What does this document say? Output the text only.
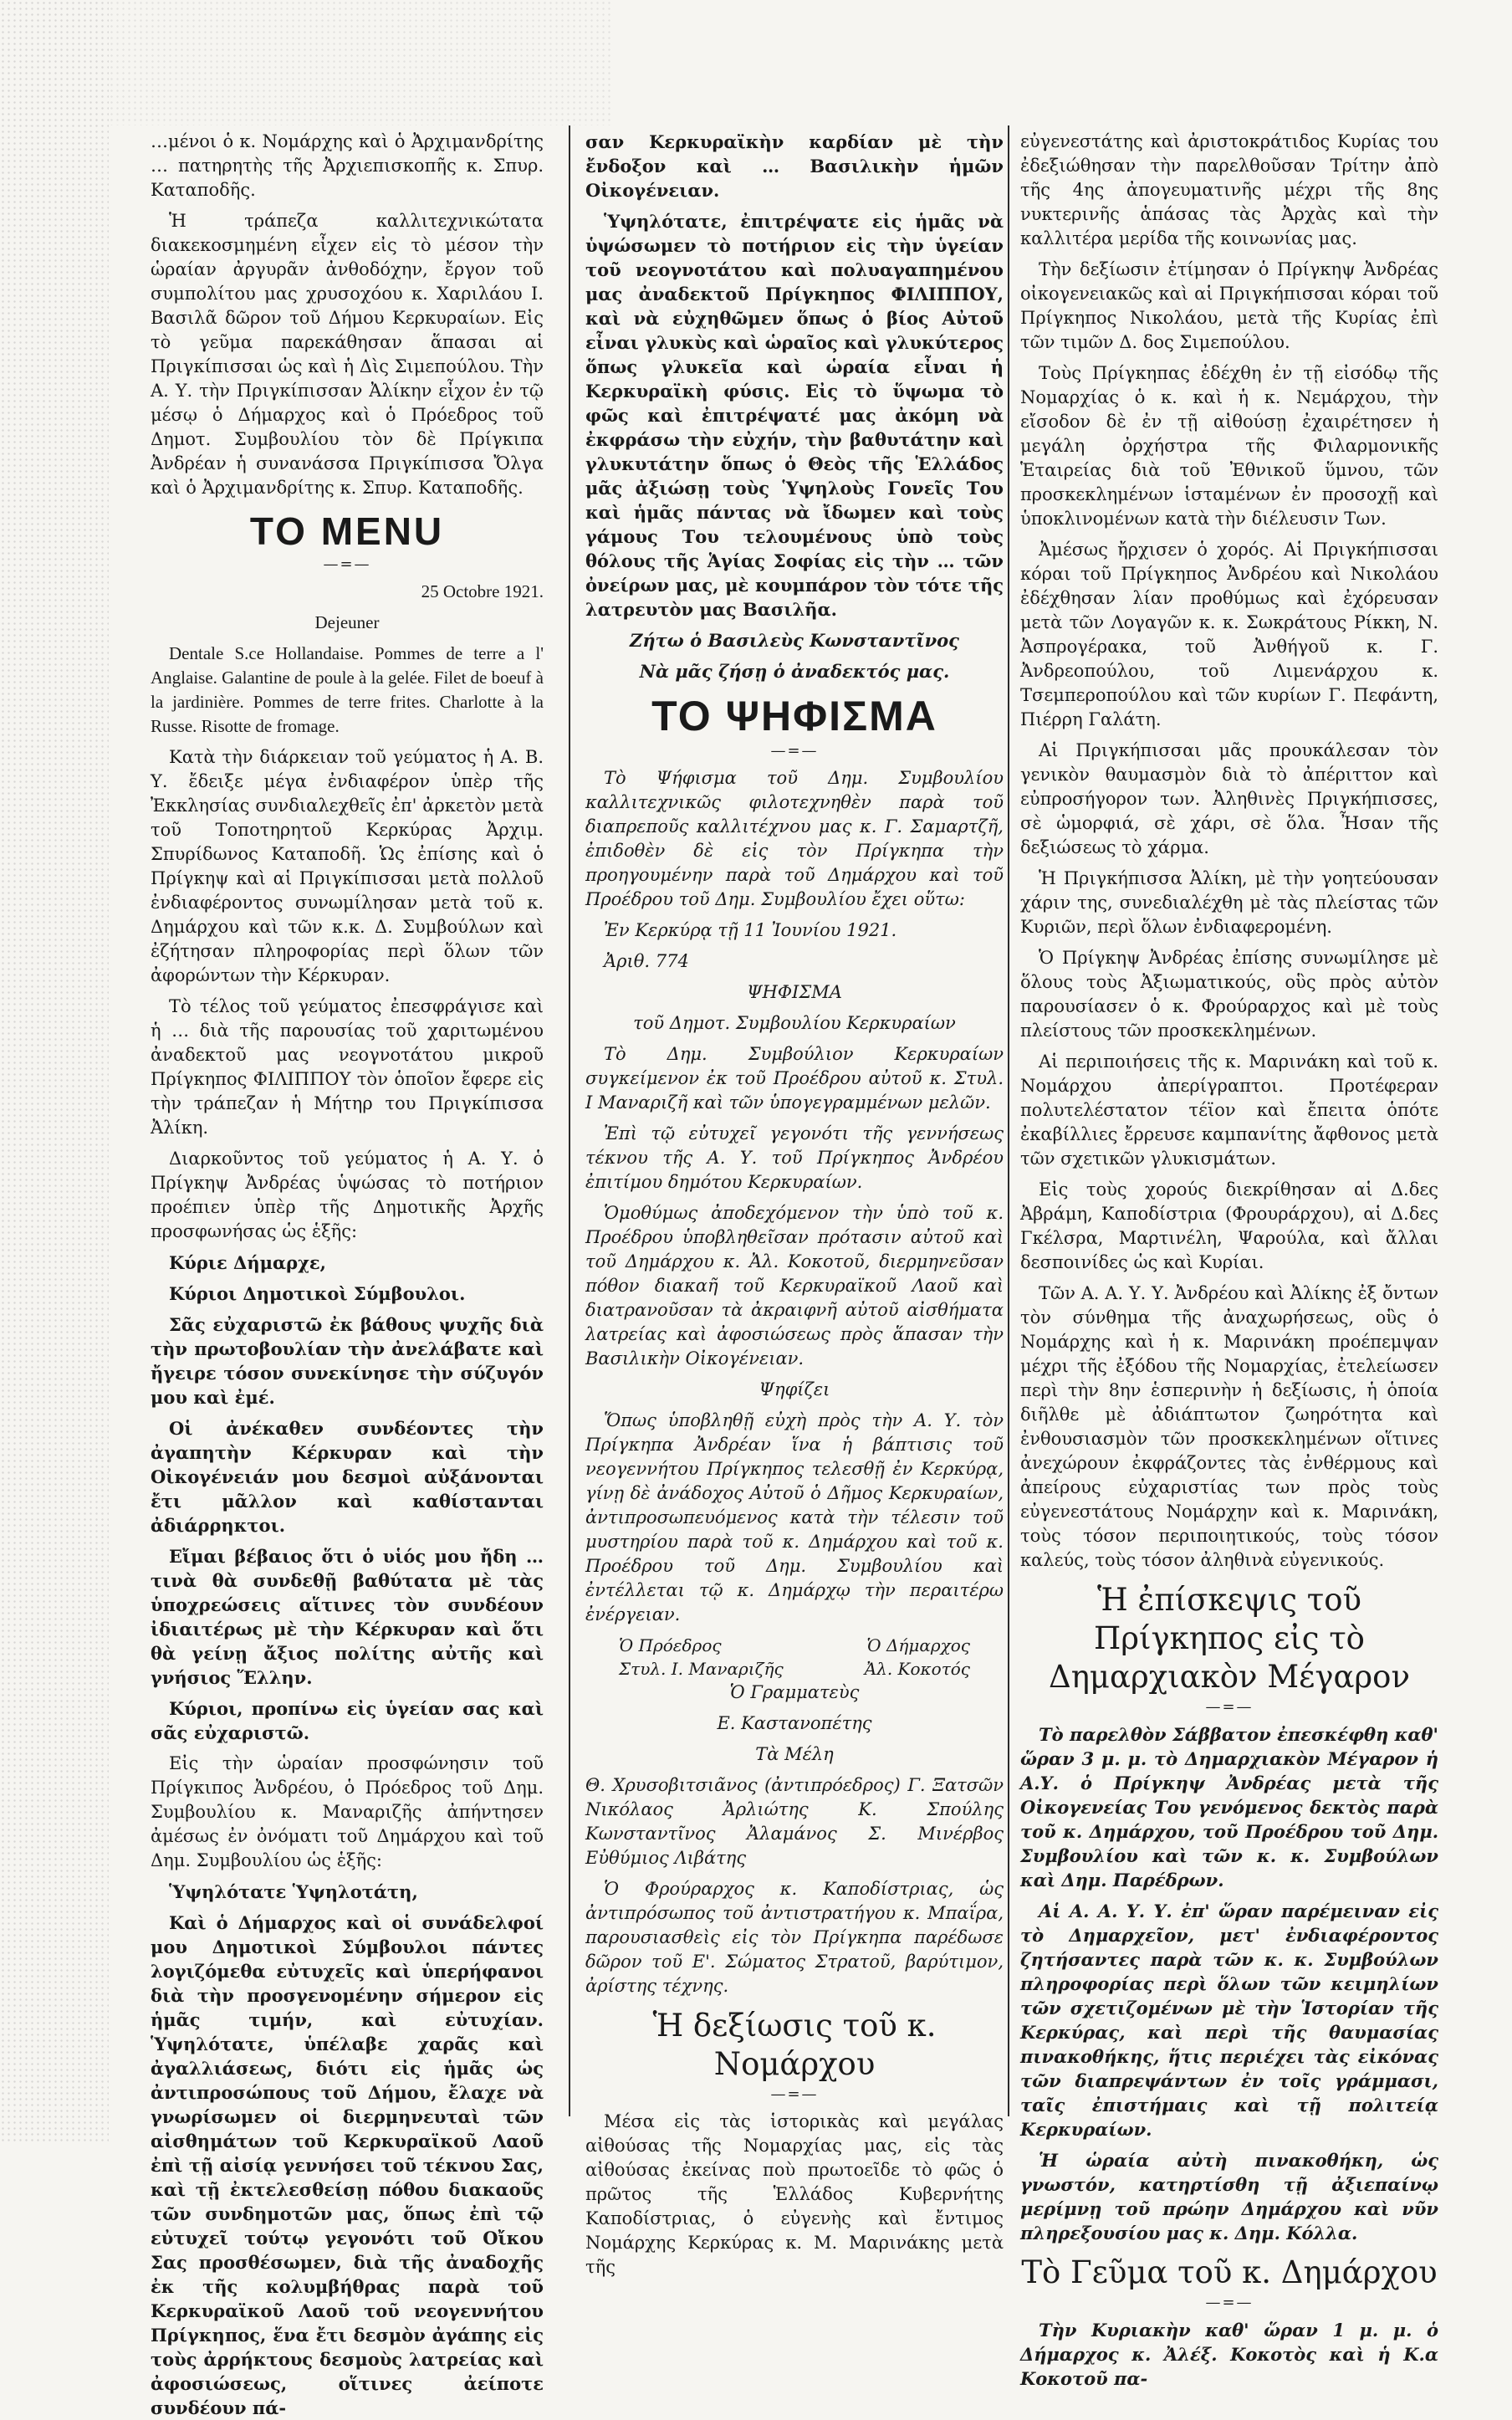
…μένοι ὁ κ. Νομάρχης καὶ ὁ Ἀρχιμανδρίτης … πατηρητὴς τῆς Ἀρχιεπισκοπῆς κ. Σπυρ. Καταποδῆς.

Ἡ τράπεζα καλλιτεχνικώτατα διακεκοσμημένη εἶχεν εἰς τὸ μέσον τὴν ὡραίαν ἀργυρᾶν ἀνθοδόχην, ἔργον τοῦ συμπολίτου μας χρυσοχόου κ. Χαριλάου Ι. Βασιλᾶ δῶρον τοῦ Δήμου Κερκυραίων. Εἰς τὸ γεῦμα παρεκάθησαν ἅπασαι αἱ Πριγκίπισσαι ὡς καὶ ἡ Δὶς Σιμεπούλου. Τὴν Α. Υ. τὴν Πριγκίπισσαν Ἀλίκην εἶχον ἐν τῷ μέσῳ ὁ Δήμαρχος καὶ ὁ Πρόεδρος τοῦ Δημοτ. Συμβουλίου τὸν δὲ Πρίγκιπα Ἀνδρέαν ἡ συνανάσσα Πριγκίπισσα Ὄλγα καὶ ὁ Ἀρχιμανδρίτης κ. Σπυρ. Καταποδῆς.

TO MENU
—=—

25 Octobre 1921.

Dejeuner

Dentale S.ce Hollandaise. Pommes de terre a l' Anglaise. Galantine de poule à la gelée. Filet de boeuf à la jardinière. Pommes de terre frites. Charlotte à la Russe. Risotte de fromage.

Κατὰ τὴν διάρκειαν τοῦ γεύματος ἡ Α. Β. Υ. ἔδειξε μέγα ἐνδιαφέρον ὑπὲρ τῆς Ἐκκλησίας συνδιαλεχθεῖς ἐπ' ἀρκετὸν μετὰ τοῦ Τοποτηρητοῦ Κερκύρας Ἀρχιμ. Σπυρίδωνος Καταποδῆ. Ὡς ἐπίσης καὶ ὁ Πρίγκηψ καὶ αἱ Πριγκίπισσαι μετὰ πολλοῦ ἐνδιαφέροντος συνωμίλησαν μετὰ τοῦ κ. Δημάρχου καὶ τῶν κ.κ. Δ. Συμβούλων καὶ ἐζήτησαν πληροφορίας περὶ ὅλων τῶν ἀφορώντων τὴν Κέρκυραν.

Τὸ τέλος τοῦ γεύματος ἐπεσφράγισε καὶ ἡ … διὰ τῆς παρουσίας τοῦ χαριτωμένου ἀναδεκτοῦ μας νεογνοτάτου μικροῦ Πρίγκηπος ΦΙΛΙΠΠΟΥ τὸν ὁποῖον ἔφερε εἰς τὴν τράπεζαν ἡ Μήτηρ του Πριγκίπισσα Ἀλίκη.

Διαρκοῦντος τοῦ γεύματος ἡ Α. Υ. ὁ Πρίγκηψ Ἀνδρέας ὑψώσας τὸ ποτήριον προέπιεν ὑπὲρ τῆς Δημοτικῆς Ἀρχῆς προσφωνήσας ὡς ἑξῆς:

Κύριε Δήμαρχε,

Κύριοι Δημοτικοὶ Σύμβουλοι.

Σᾶς εὐχαριστῶ ἐκ βάθους ψυχῆς διὰ τὴν πρωτοβουλίαν τὴν ἀνελάβατε καὶ ἤγειρε τόσον συνεκίνησε τὴν σύζυγόν μου καὶ ἐμέ.

Οἱ ἀνέκαθεν συνδέοντες τὴν ἀγαπητὴν Κέρκυραν καὶ τὴν Οἰκογένειάν μου δεσμοὶ αὐξάνονται ἔτι μᾶλλον καὶ καθίστανται ἀδιάρρηκτοι.

Εἴμαι βέβαιος ὅτι ὁ υἱός μου ἤδη … τινὰ θὰ συνδεθῇ βαθύτατα μὲ τὰς ὑποχρεώσεις αἵτινες τὸν συνδέουν ἰδιαιτέρως μὲ τὴν Κέρκυραν καὶ ὅτι θὰ γείνῃ ἄξιος πολίτης αὐτῆς καὶ γνήσιος Ἕλλην.

Κύριοι, προπίνω εἰς ὑγείαν σας καὶ σᾶς εὐχαριστῶ.

Εἰς τὴν ὡραίαν προσφώνησιν τοῦ Πρίγκιπος Ἀνδρέου, ὁ Πρόεδρος τοῦ Δημ. Συμβουλίου κ. Μαναριζῆς ἀπήντησεν ἀμέσως ἐν ὀνόματι τοῦ Δημάρχου καὶ τοῦ Δημ. Συμβουλίου ὡς ἑξῆς:

Ὑψηλότατε Ὑψηλοτάτη,

Καὶ ὁ Δήμαρχος καὶ οἱ συνάδελφοί μου Δημοτικοὶ Σύμβουλοι πάντες λογιζόμεθα εὐτυχεῖς καὶ ὑπερήφανοι διὰ τὴν προσγενομένην σήμερον εἰς ἡμᾶς τιμήν, καὶ εὐτυχίαν. Ὑψηλότατε, ὑπέλαβε χαρᾶς καὶ ἀγαλλιάσεως, διότι εἰς ἡμᾶς ὡς ἀντιπροσώπους τοῦ Δήμου, ἔλαχε νὰ γνωρίσωμεν οἱ διερμηνευταὶ τῶν αἰσθημάτων τοῦ Κερκυραϊκοῦ Λαοῦ ἐπὶ τῇ αἰσίᾳ γεννήσει τοῦ τέκνου Σας, καὶ τῇ ἐκτελεσθείσῃ πόθου διακαοῦς τῶν συνδημοτῶν μας, ὅπως ἐπὶ τῷ εὐτυχεῖ τούτῳ γεγονότι τοῦ Οἴκου Σας προσθέσωμεν, διὰ τῆς ἀναδοχῆς ἐκ τῆς κολυμβήθρας παρὰ τοῦ Κερκυραϊκοῦ Λαοῦ τοῦ νεογεννήτου Πρίγκηπος, ἕνα ἔτι δεσμὸν ἀγάπης εἰς τοὺς ἀρρήκτους δεσμοὺς λατρείας καὶ ἀφοσιώσεως, οἵτινες ἀείποτε συνδέουν πά-

σαν Κερκυραϊκὴν καρδίαν μὲ τὴν ἔνδοξον καὶ … Βασιλικὴν ἡμῶν Οἰκογένειαν.

Ὑψηλότατε, ἐπιτρέψατε εἰς ἡμᾶς νὰ ὑψώσωμεν τὸ ποτήριον εἰς τὴν ὑγείαν τοῦ νεογνοτάτου καὶ πολυαγαπημένου μας ἀναδεκτοῦ Πρίγκηπος ΦΙΛΙΠΠΟΥ, καὶ νὰ εὐχηθῶμεν ὅπως ὁ βίος Αὐτοῦ εἶναι γλυκὺς καὶ ὡραῖος καὶ γλυκύτερος ὅπως γλυκεῖα καὶ ὡραία εἶναι ἡ Κερκυραϊκὴ φύσις. Εἰς τὸ ὕψωμα τὸ φῶς καὶ ἐπιτρέψατέ μας ἀκόμη νὰ ἐκφράσω τὴν εὐχήν, τὴν βαθυτάτην καὶ γλυκυτάτην ὅπως ὁ Θεὸς τῆς Ἑλλάδος μᾶς ἀξιώσῃ τοὺς Ὑψηλοὺς Γονεῖς Του καὶ ἡμᾶς πάντας νὰ ἴδωμεν καὶ τοὺς γάμους Του τελουμένους ὑπὸ τοὺς θόλους τῆς Ἁγίας Σοφίας εἰς τὴν … τῶν ὀνείρων μας, μὲ κουμπάρον τὸν τότε τῆς λατρευτὸν μας Βασιλῆα.

Ζήτω ὁ Βασιλεὺς Κωνσταντῖνος

Νὰ μᾶς ζήσῃ ὁ ἀναδεκτός μας.

ΤΟ ΨΗΦΙΣΜΑ
—=—

Τὸ Ψήφισμα τοῦ Δημ. Συμβουλίου καλλιτεχνικῶς φιλοτεχνηθὲν παρὰ τοῦ διαπρεποῦς καλλιτέχνου μας κ. Γ. Σαμαρτζῆ, ἐπιδοθὲν δὲ εἰς τὸν Πρίγκηπα τὴν προηγουμένην παρὰ τοῦ Δημάρχου καὶ τοῦ Προέδρου τοῦ Δημ. Συμβουλίου ἔχει οὕτω:

Ἐν Κερκύρᾳ τῇ 11 Ἰουνίου 1921.

Ἀριθ. 774

ΨΗΦΙΣΜΑ

τοῦ Δημοτ. Συμβουλίου Κερκυραίων

Τὸ Δημ. Συμβούλιον Κερκυραίων συγκείμενον ἐκ τοῦ Προέδρου αὐτοῦ κ. Στυλ. Ι Μαναριζῆ καὶ τῶν ὑπογεγραμμένων μελῶν.

Ἐπὶ τῷ εὐτυχεῖ γεγονότι τῆς γεννήσεως τέκνου τῆς Α. Υ. τοῦ Πρίγκηπος Ἀνδρέου ἐπιτίμου δημότου Κερκυραίων.

Ὁμοθύμως ἀποδεχόμενον τὴν ὑπὸ τοῦ κ. Προέδρου ὑποβληθεῖσαν πρότασιν αὐτοῦ καὶ τοῦ Δημάρχου κ. Ἀλ. Κοκοτοῦ, διερμηνεῦσαν πόθον διακαῆ τοῦ Κερκυραϊκοῦ Λαοῦ καὶ διατρανοῦσαν τὰ ἀκραιφνῆ αὐτοῦ αἰσθήματα λατρείας καὶ ἀφοσιώσεως πρὸς ἅπασαν τὴν Βασιλικὴν Οἰκογένειαν.

Ψηφίζει

Ὅπως ὑποβληθῇ εὐχὴ πρὸς τὴν Α. Υ. τὸν Πρίγκηπα Ἀνδρέαν ἵνα ἡ βάπτισις τοῦ νεογεννήτου Πρίγκηπος τελεσθῇ ἐν Κερκύρᾳ, γίνῃ δὲ ἀνάδοχος Αὐτοῦ ὁ Δῆμος Κερκυραίων, ἀντιπροσωπευόμενος κατὰ τὴν τέλεσιν τοῦ μυστηρίου παρὰ τοῦ κ. Δημάρχου καὶ τοῦ κ. Προέδρου τοῦ Δημ. Συμβουλίου καὶ ἐντέλλεται τῷ κ. Δημάρχῳ τὴν περαιτέρω ἐνέργειαν.

Ὁ Πρόεδρος	Ὁ Δήμαρχος
Στυλ. Ι. Μαναριζῆς	Ἀλ. Κοκοτός

Ὁ Γραμματεὺς

Ε. Καστανοπέτης

Τὰ Μέλη

Θ. Χρυσοβιτσιᾶνος (ἀντιπρόεδρος) Γ. Ξατσῶν Νικόλαος Ἀρλιώτης Κ. Σπούλης Κωνσταντῖνος Ἀλαμάνος Σ. Μινέρβος Εὐθύμιος Λιβάτης

Ὁ Φρούραρχος κ. Καποδίστριας, ὡς ἀντιπρόσωπος τοῦ ἀντιστρατήγου κ. Μπαΐρα, παρουσιασθεὶς εἰς τὸν Πρίγκηπα παρέδωσε δῶρον τοῦ Ε'. Σώματος Στρατοῦ, βαρύτιμον, ἀρίστης τέχνης.

Ἡ δεξίωσις τοῦ κ. Νομάρχου
—=—

Μέσα εἰς τὰς ἱστορικὰς καὶ μεγάλας αἰθούσας τῆς Νομαρχίας μας, εἰς τὰς αἰθούσας ἐκείνας ποὺ πρωτοεῖδε τὸ φῶς ὁ πρῶτος τῆς Ἑλλάδος Κυβερνήτης Καποδίστριας, ὁ εὐγενὴς καὶ ἔντιμος Νομάρχης Κερκύρας κ. Μ. Μαρινάκης μετὰ τῆς

εὐγενεστάτης καὶ ἀριστοκράτιδος Κυρίας του ἐδεξιώθησαν τὴν παρελθοῦσαν Τρίτην ἀπὸ τῆς 4ης ἀπογευματινῆς μέχρι τῆς 8ης νυκτερινῆς ἁπάσας τὰς Ἀρχὰς καὶ τὴν καλλιτέρα μερίδα τῆς κοινωνίας μας.

Τὴν δεξίωσιν ἐτίμησαν ὁ Πρίγκηψ Ἀνδρέας οἰκογενειακῶς καὶ αἱ Πριγκήπισσαι κόραι τοῦ Πρίγκηπος Νικολάου, μετὰ τῆς Κυρίας ἐπὶ τῶν τιμῶν Δ. δος Σιμεπούλου.

Τοὺς Πρίγκηπας ἐδέχθη ἐν τῇ εἰσόδῳ τῆς Νομαρχίας ὁ κ. καὶ ἡ κ. Νεμάρχου, τὴν εἴσοδον δὲ ἐν τῇ αἰθούσῃ ἐχαιρέτησεν ἡ μεγάλη ὀρχήστρα τῆς Φιλαρμονικῆς Ἑταιρείας διὰ τοῦ Ἐθνικοῦ ὕμνου, τῶν προσκεκλημένων ἱσταμένων ἐν προσοχῇ καὶ ὑποκλινομένων κατὰ τὴν διέλευσιν Των.

Ἀμέσως ἤρχισεν ὁ χορός. Αἱ Πριγκήπισσαι κόραι τοῦ Πρίγκηπος Ἀνδρέου καὶ Νικολάου ἐδέχθησαν λίαν προθύμως καὶ ἐχόρευσαν μετὰ τῶν Λογαγῶν κ. κ. Σωκράτους Ρίκκη, Ν. Ἀσπρογέρακα, τοῦ Ἀνθήγοῦ κ. Γ. Ἀνδρεοπούλου, τοῦ Λιμενάρχου κ. Τσεμπεροπούλου καὶ τῶν κυρίων Γ. Πεφάντη, Πιέρρη Γαλάτη.

Αἱ Πριγκήπισσαι μᾶς προυκάλεσαν τὸν γενικὸν θαυμασμὸν διὰ τὸ ἀπέριττον καὶ εὐπροσήγορον των. Ἀληθινὲς Πριγκήπισσες, σὲ ὡμορφιά, σὲ χάρι, σὲ ὅλα. Ἦσαν τῆς δεξιώσεως τὸ χάρμα.

Ἡ Πριγκήπισσα Ἀλίκη, μὲ τὴν γοητεύουσαν χάριν της, συνεδιαλέχθη μὲ τὰς πλείστας τῶν Κυριῶν, περὶ ὅλων ἐνδιαφερομένη.

Ὁ Πρίγκηψ Ἀνδρέας ἐπίσης συνωμίλησε μὲ ὅλους τοὺς Ἀξιωματικούς, οὓς πρὸς αὐτὸν παρουσίασεν ὁ κ. Φρούραρχος καὶ μὲ τοὺς πλείστους τῶν προσκεκλημένων.

Αἱ περιποιήσεις τῆς κ. Μαρινάκη καὶ τοῦ κ. Νομάρχου ἀπερίγραπτοι. Προτέφεραν πολυτελέστατον τέϊον καὶ ἔπειτα ὁπότε ἐκαβίλλιες ἔρρευσε καμπανίτης ἄφθονος μετὰ τῶν σχετικῶν γλυκισμάτων.

Εἰς τοὺς χορούς διεκρίθησαν αἱ Δ.δες Ἀβράμη, Καποδίστρια (Φρουράρχου), αἱ Δ.δες Γκέλσρα, Μαρτινέλη, Ψαρούλα, καὶ ἄλλαι δεσποινίδες ὡς καὶ Κυρίαι.

Τῶν Α. Α. Υ. Υ. Ἀνδρέου καὶ Ἀλίκης ἐξ ὄντων τὸν σύνθημα τῆς ἀναχωρήσεως, οὓς ὁ Νομάρχης καὶ ἡ κ. Μαρινάκη προέπεμψαν μέχρι τῆς ἐξόδου τῆς Νομαρχίας, ἐτελείωσεν περὶ τὴν 8ην ἑσπερινὴν ἡ δεξίωσις, ἡ ὁποία διῆλθε μὲ ἀδιάπτωτον ζωηρότητα καὶ ἐνθουσιασμὸν τῶν προσκεκλημένων οἵτινες ἀνεχώρουν ἐκφράζοντες τὰς ἐνθέρμους καὶ ἀπείρους εὐχαριστίας των πρὸς τοὺς εὐγενεστάτους Νομάρχην καὶ κ. Μαρινάκη, τοὺς τόσον περιποιητικούς, τοὺς τόσον καλεύς, τοὺς τόσον ἀληθινὰ εὐγενικούς.

Ἡ ἐπίσκεψις τοῦ Πρίγκηπος εἰς τὸ Δημαρχιακὸν Μέγαρον
—=—

Τὸ παρελθὸν Σάββατον ἐπεσκέφθη καθ' ὥραν 3 μ. μ. τὸ Δημαρχιακὸν Μέγαρον ἡ Α.Υ. ὁ Πρίγκηψ Ἀνδρέας μετὰ τῆς Οἰκογενείας Του γενόμενος δεκτὸς παρὰ τοῦ κ. Δημάρχου, τοῦ Προέδρου τοῦ Δημ. Συμβουλίου καὶ τῶν κ. κ. Συμβούλων καὶ Δημ. Παρέδρων.

Αἱ Α. Α. Υ. Υ. ἐπ' ὥραν παρέμειναν εἰς τὸ Δημαρχεῖον, μετ' ἐνδιαφέροντος ζητήσαντες παρὰ τῶν κ. κ. Συμβούλων πληροφορίας περὶ ὅλων τῶν κειμηλίων τῶν σχετιζομένων μὲ τὴν Ἱστορίαν τῆς Κερκύρας, καὶ περὶ τῆς θαυμασίας πινακοθήκης, ἥτις περιέχει τὰς εἰκόνας τῶν διαπρεψάντων ἐν τοῖς γράμμασι, ταῖς ἐπιστήμαις καὶ τῇ πολιτείᾳ Κερκυραίων.

Ἡ ὡραία αὐτὴ πινακοθήκη, ὡς γνωστόν, κατηρτίσθη τῇ ἀξιεπαίνῳ μερίμνῃ τοῦ πρώην Δημάρχου καὶ νῦν πληρεξουσίου μας κ. Δημ. Κόλλα.

Τὸ Γεῦμα τοῦ κ. Δημάρχου
—=—

Τὴν Κυριακὴν καθ' ὥραν 1 μ. μ. ὁ Δήμαρχος κ. Ἀλέξ. Κοκοτὸς καὶ ἡ Κ.α Κοκοτοῦ πα-
